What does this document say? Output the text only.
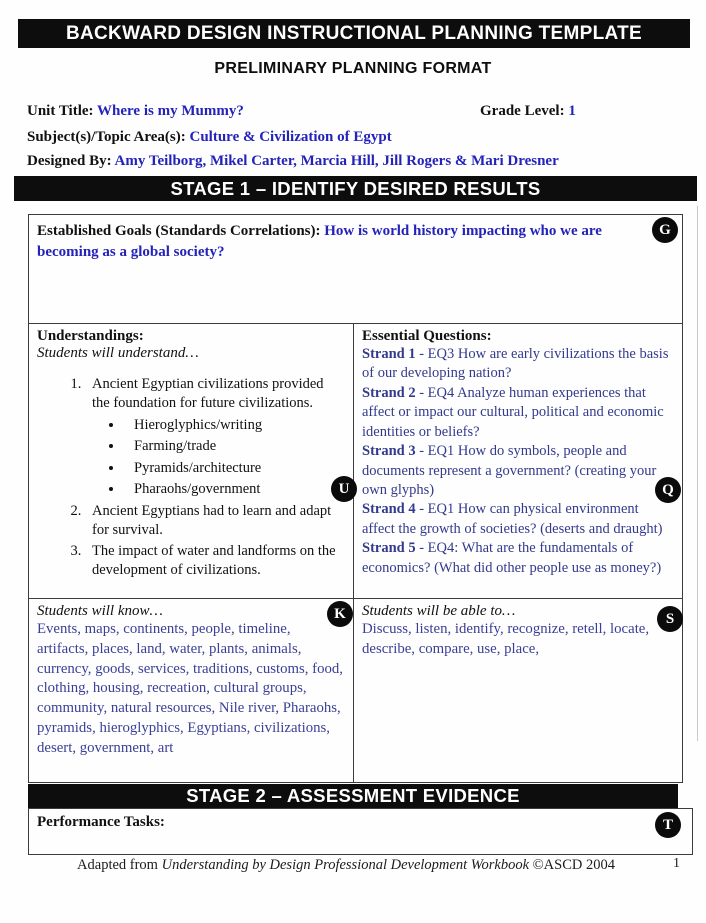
BACKWARD DESIGN INSTRUCTIONAL PLANNING TEMPLATE
PRELIMINARY PLANNING FORMAT
Unit Title: Where is my Mummy?	Grade Level: 1
Subject(s)/Topic Area(s): Culture & Civilization of Egypt
Designed By: Amy Teilborg, Mikel Carter, Marcia Hill, Jill Rogers & Mari Dresner
STAGE 1 – IDENTIFY DESIRED RESULTS
Established Goals (Standards Correlations): How is world history impacting who we are becoming as a global society?
Understandings:
Students will understand…
1. Ancient Egyptian civilizations provided the foundation for future civilizations.
• Hieroglyphics/writing
• Farming/trade
• Pyramids/architecture
• Pharaohs/government
2. Ancient Egyptians had to learn and adapt for survival.
3. The impact of water and landforms on the development of civilizations.
Essential Questions:
Strand 1 - EQ3 How are early civilizations the basis of our developing nation?
Strand 2 - EQ4 Analyze human experiences that affect or impact our cultural, political and economic identities or beliefs?
Strand 3 - EQ1 How do symbols, people and documents represent a government? (creating your own glyphs)
Strand 4 - EQ1 How can physical environment affect the growth of societies? (deserts and draught)
Strand 5 - EQ4: What are the fundamentals of economics? (What did other people use as money?)
Students will know…
Events, maps, continents, people, timeline, artifacts, places, land, water, plants, animals, currency, goods, services, traditions, customs, food, clothing, housing, recreation, cultural groups, community, natural resources, Nile river, Pharaohs, pyramids, hieroglyphics, Egyptians, civilizations, desert, government, art
Students will be able to…
Discuss, listen, identify, recognize, retell, locate, describe, compare, use, place,
G
U	Q
K	S
T
STAGE 2 – ASSESSMENT EVIDENCE
Performance Tasks:
Adapted from Understanding by Design Professional Development Workbook ©ASCD 2004	1
